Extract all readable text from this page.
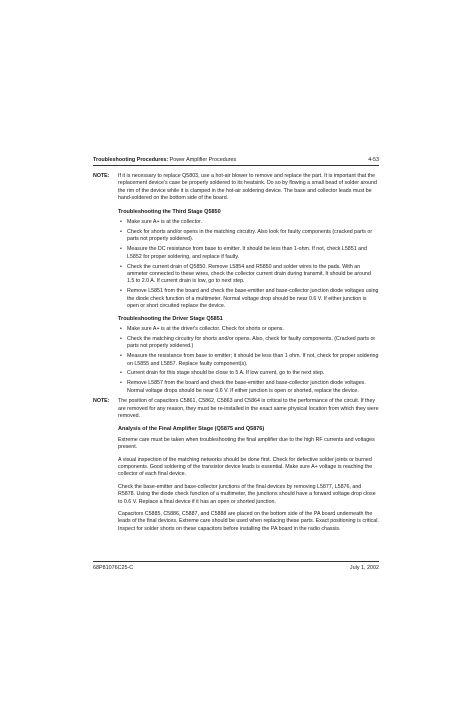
Troubleshooting Procedures: Power Amplifier Procedures	4-53
NOTE: If it is necessary to replace Q5803, use a hot-air blower to remove and replace the part. It is important that the replacement device's case be properly soldered to its heatsink. Do so by flowing a small bead of solder around the rim of the device while it is clamped in the hot-air soldering device. The base and collector leads must be hand-soldered on the bottom side of the board.
Troubleshooting the Third Stage Q5850
• Make sure A+ is at the collector.
• Check for shorts and/or opens in the matching circuitry. Also look for faulty components (cracked parts or parts not properly soldered).
• Measure the DC resistance from base to emitter. It should be less than 1-ohm. If not, check L5851 and L5852 for proper soldering, and replace if faulty.
• Check the current drain of Q5850. Remove L5854 and R5850 and solder wires to the pads. With an ammeter connected to these wires, check the collector current drain during transmit. It should be around 1.5 to 2.0 A. If current drain is low, go to next step.
• Remove L5851 from the board and check the base-emitter and base-collector junction diode voltages using the diode check function of a multimeter. Normal voltage drop should be near 0.6 V. If either junction is open or short circuited replace the device.
Troubleshooting the Driver Stage Q5851
• Make sure A+ is at the driver's collector. Check for shorts or opens.
• Check the matching circuitry for shorts and/or opens. Also, check for faulty components. (Cracked parts or parts not properly soldered.)
• Measure the resistance from base to emitter; it should be less than 1 ohm. If not, check for proper soldering on L5855 and L5857. Replace faulty component(s).
• Current drain for this stage should be close to 5 A. If low current, go to the next step.
• Remove L5857 from the board and check the base-emitter and base-collector junction diode voltages. Normal voltage drops should be near 0.6 V. If either junction is open or shorted, replace the device.
NOTE: The position of capacitors C5861, C5862, C5863 and C5864 is critical to the performance of the circuit. If they are removed for any reason, they must be re-installed in the exact same physical location from which they were removed.
Analysis of the Final Amplifier Stage (Q5875 and Q5876)

Extreme care must be taken when troubleshooting the final amplifier due to the high RF currents and voltages present.

A visual inspection of the matching networks should be done first. Check for defective solder joints or burned components. Good soldering of the transistor device leads is essential. Make sure A+ voltage is reaching the collector of each final device.

Check the base-emitter and base-collector junctions of the final devices by removing L5877, L5876, and R5878. Using the diode check function of a multimeter, the junctions should have a forward voltage drop close to 0.6 V. Replace a final device if it has an open or shorted junction.

Capacitors C5885, C5886, C5887, and C5888 are placed on the bottom side of the PA board underneath the leads of the final devices. Extreme care should be used when replacing these parts. Exact positioning is critical. Inspect for solder shorts on these capacitors before installing the PA board in the radio chassis.

68P81076C25-C	July 1, 2002
